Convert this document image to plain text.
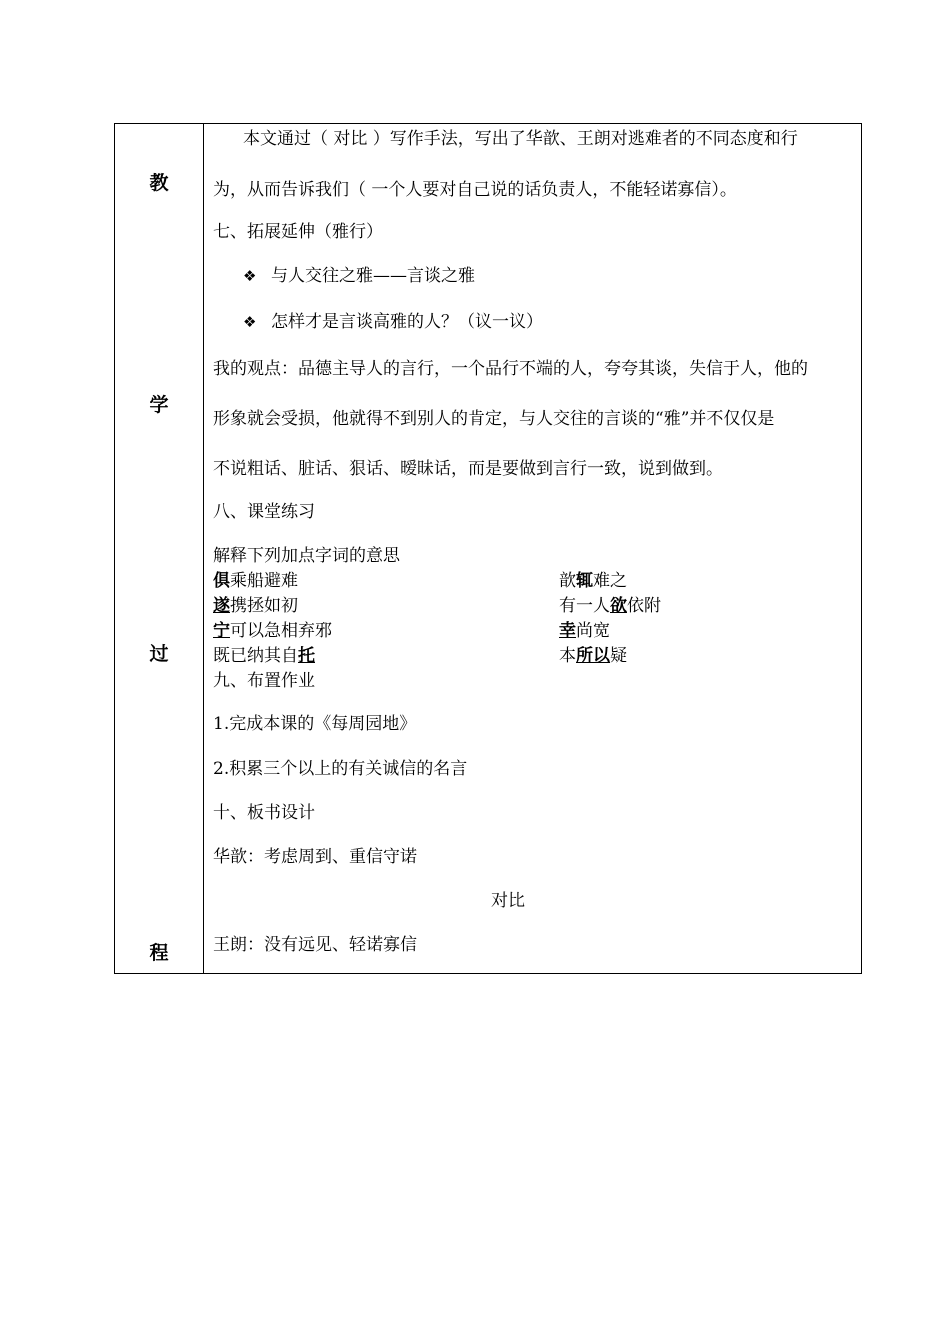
教
学
过
程
本文通过（ 对比 ）写作手法，写出了华歆、王朗对逃难者的不同态度和行
为，从而告诉我们（ 一个人要对自己说的话负责人，不能轻诺寡信）。
七、拓展延伸（雅行）
❖ 与人交往之雅——言谈之雅
❖ 怎样才是言谈高雅的人？（议一议）
我的观点：品德主导人的言行，一个品行不端的人，夸夸其谈，失信于人，他的
形象就会受损，他就得不到别人的肯定，与人交往的言谈的“雅”并不仅仅是
不说粗话、脏话、狠话、暧昧话，而是要做到言行一致，说到做到。
八、课堂练习
解释下列加点字词的意思
俱乘船避难	歆辄难之
遂携拯如初	有一人欲依附
宁可以急相弃邪	幸尚宽
既已纳其自托	本所以疑
九、布置作业
1.完成本课的《每周园地》
2.积累三个以上的有关诚信的名言
十、板书设计
华歆：考虑周到、重信守诺
对比
王朗：没有远见、轻诺寡信
